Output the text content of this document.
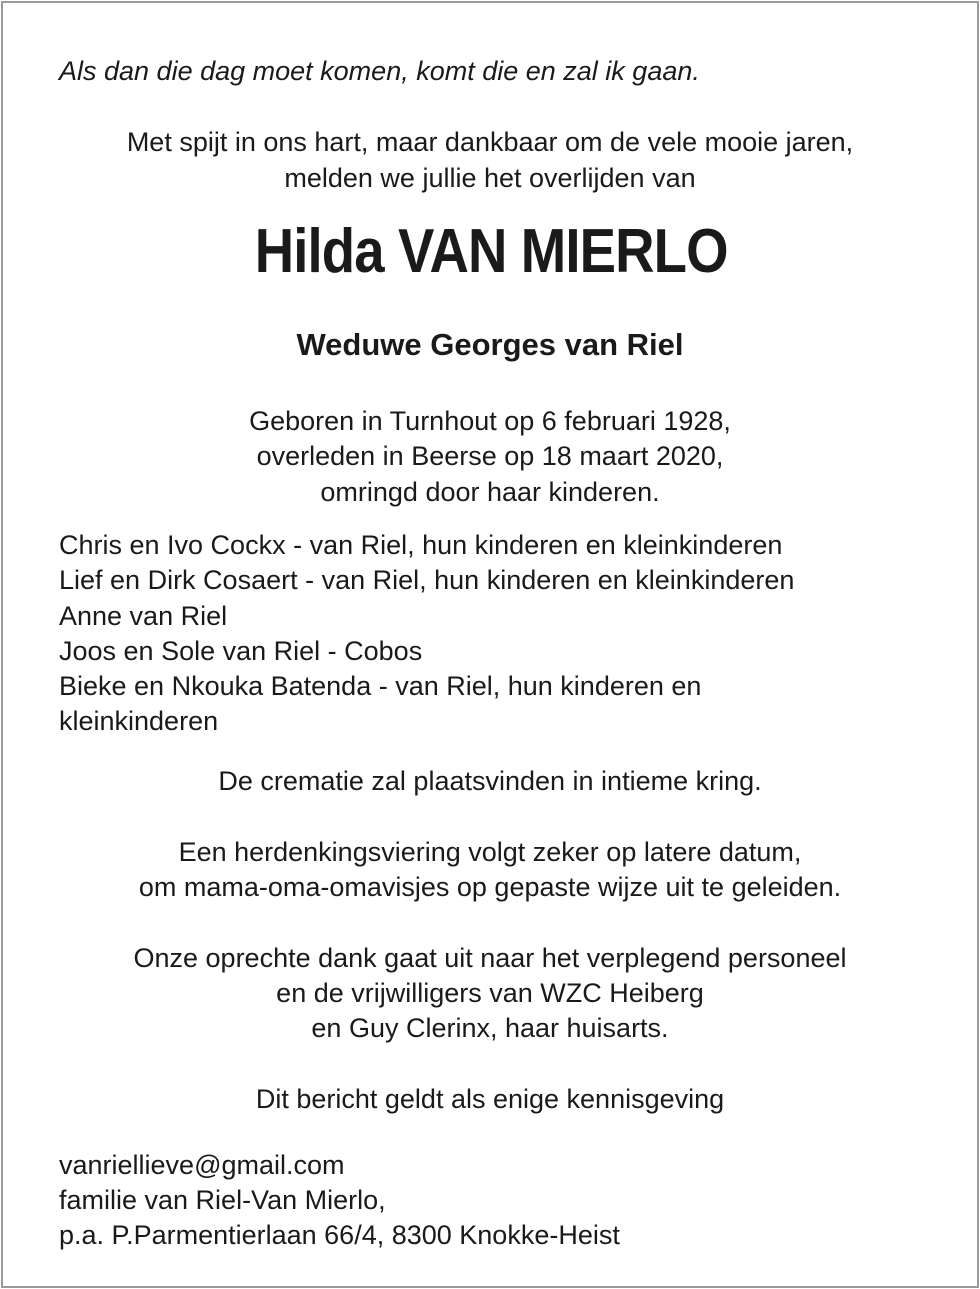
Als dan die dag moet komen, komt die en zal ik gaan.
Met spijt in ons hart, maar dankbaar om de vele mooie jaren,
melden we jullie het overlijden van
Hilda VAN MIERLO
Weduwe Georges van Riel
Geboren in Turnhout op 6 februari 1928,
overleden in Beerse op 18 maart 2020,
omringd door haar kinderen.
Chris en Ivo Cockx - van Riel, hun kinderen en kleinkinderen
Lief en Dirk Cosaert - van Riel, hun kinderen en kleinkinderen
Anne van Riel
Joos en Sole van Riel - Cobos
Bieke en Nkouka Batenda - van Riel, hun kinderen en
kleinkinderen
De crematie zal plaatsvinden in intieme kring.
Een herdenkingsviering volgt zeker op latere datum,
om mama-oma-omavisjes op gepaste wijze uit te geleiden.
Onze oprechte dank gaat uit naar het verplegend personeel
en de vrijwilligers van WZC Heiberg
en Guy Clerinx, haar huisarts.
Dit bericht geldt als enige kennisgeving
vanriellieve@gmail.com
familie van Riel-Van Mierlo,
p.a. P.Parmentierlaan 66/4, 8300 Knokke-Heist
